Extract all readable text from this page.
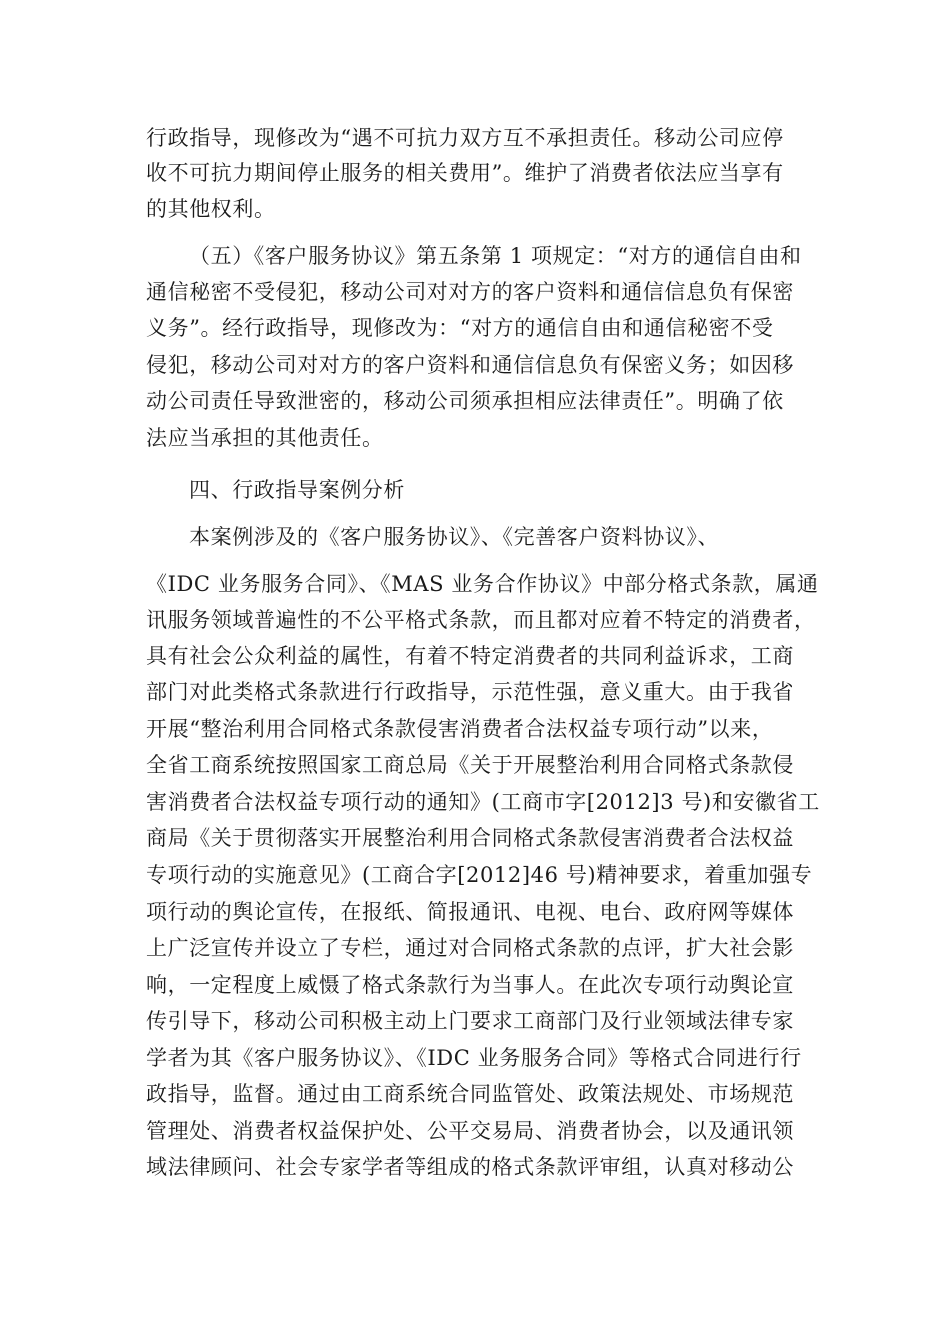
行政指导，现修改为“遇不可抗力双方互不承担责任。移动公司应停
收不可抗力期间停止服务的相关费用”。维护了消费者依法应当享有
的其他权利。
（五）《客户服务协议》第五条第 1 项规定：“对方的通信自由和
通信秘密不受侵犯，移动公司对对方的客户资料和通信信息负有保密
义务”。经行政指导，现修改为：“对方的通信自由和通信秘密不受
侵犯，移动公司对对方的客户资料和通信信息负有保密义务；如因移
动公司责任导致泄密的，移动公司须承担相应法律责任”。明确了依
法应当承担的其他责任。
四、行政指导案例分析
本案例涉及的《客户服务协议》、《完善客户资料协议》、
《IDC 业务服务合同》、《MAS 业务合作协议》中部分格式条款，属通
讯服务领域普遍性的不公平格式条款，而且都对应着不特定的消费者，
具有社会公众利益的属性，有着不特定消费者的共同利益诉求，工商
部门对此类格式条款进行行政指导，示范性强，意义重大。由于我省
开展“整治利用合同格式条款侵害消费者合法权益专项行动”以来，
全省工商系统按照国家工商总局《关于开展整治利用合同格式条款侵
害消费者合法权益专项行动的通知》(工商市字[2012]3 号)和安徽省工
商局《关于贯彻落实开展整治利用合同格式条款侵害消费者合法权益
专项行动的实施意见》(工商合字[2012]46 号)精神要求，着重加强专
项行动的舆论宣传，在报纸、简报通讯、电视、电台、政府网等媒体
上广泛宣传并设立了专栏，通过对合同格式条款的点评，扩大社会影
响，一定程度上威慑了格式条款行为当事人。在此次专项行动舆论宣
传引导下，移动公司积极主动上门要求工商部门及行业领域法律专家
学者为其《客户服务协议》、《IDC 业务服务合同》等格式合同进行行
政指导，监督。通过由工商系统合同监管处、政策法规处、市场规范
管理处、消费者权益保护处、公平交易局、消费者协会，以及通讯领
域法律顾问、社会专家学者等组成的格式条款评审组，认真对移动公
